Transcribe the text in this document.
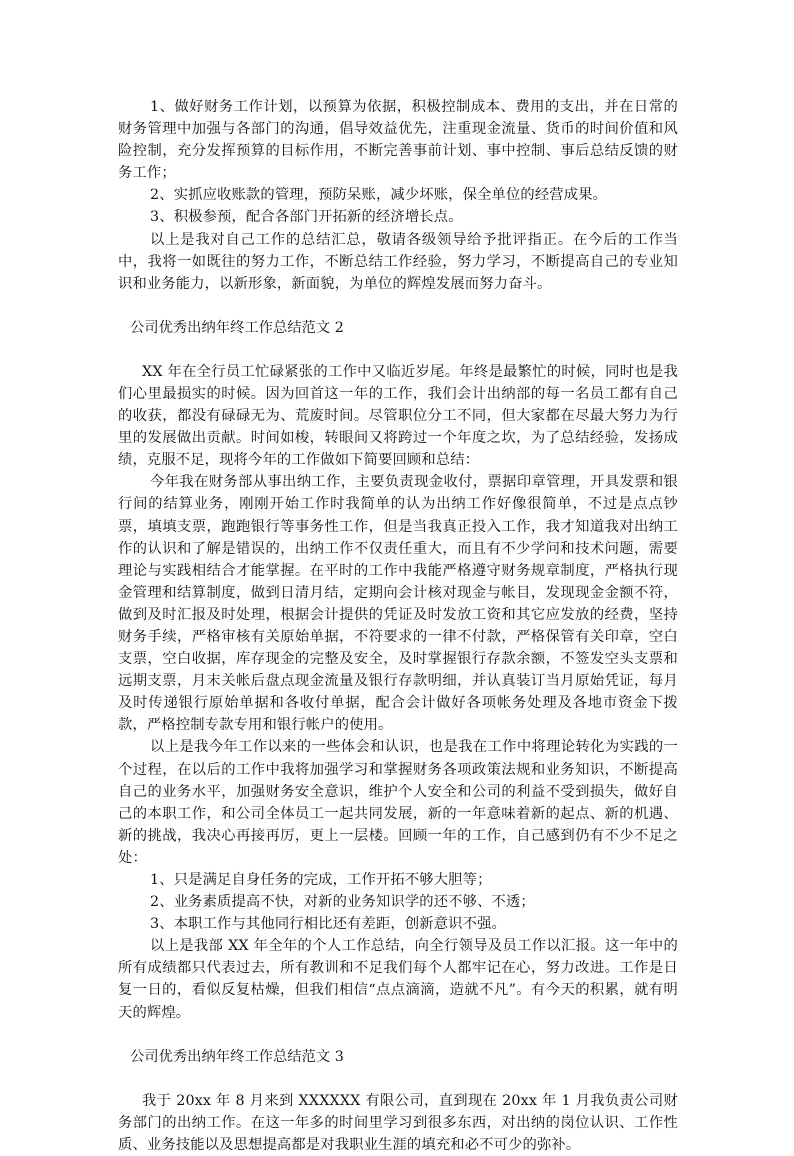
1、做好财务工作计划，以预算为依据，积极控制成本、费用的支出，并在日常的财务管理中加强与各部门的沟通，倡导效益优先，注重现金流量、货币的时间价值和风险控制，充分发挥预算的目标作用，不断完善事前计划、事中控制、事后总结反馈的财务工作；

2、实抓应收账款的管理，预防呆账，减少坏账，保全单位的经营成果。

3、积极参预，配合各部门开拓新的经济增长点。

以上是我对自己工作的总结汇总，敬请各级领导给予批评指正。在今后的工作当中，我将一如既往的努力工作，不断总结工作经验，努力学习，不断提高自己的专业知识和业务能力，以新形象，新面貌，为单位的辉煌发展而努力奋斗。

公司优秀出纳年终工作总结范文 2

XX 年在全行员工忙碌紧张的工作中又临近岁尾。年终是最繁忙的时候，同时也是我们心里最损实的时候。因为回首这一年的工作，我们会计出纳部的每一名员工都有自己的收获，都没有碌碌无为、荒废时间。尽管职位分工不同，但大家都在尽最大努力为行里的发展做出贡献。时间如梭，转眼间又将跨过一个年度之坎，为了总结经验，发扬成绩，克服不足，现将今年的工作做如下简要回顾和总结：

今年我在财务部从事出纳工作，主要负责现金收付，票据印章管理，开具发票和银行间的结算业务，刚刚开始工作时我简单的认为出纳工作好像很简单，不过是点点钞票，填填支票，跑跑银行等事务性工作，但是当我真正投入工作，我才知道我对出纳工作的认识和了解是错误的，出纳工作不仅责任重大，而且有不少学问和技术问题，需要理论与实践相结合才能掌握。在平时的工作中我能严格遵守财务规章制度，严格执行现金管理和结算制度，做到日清月结，定期向会计核对现金与帐目，发现现金金额不符，做到及时汇报及时处理，根据会计提供的凭证及时发放工资和其它应发放的经费，坚持财务手续，严格审核有关原始单据，不符要求的一律不付款，严格保管有关印章，空白支票，空白收据，库存现金的完整及安全，及时掌握银行存款余额，不签发空头支票和远期支票，月末关帐后盘点现金流量及银行存款明细，并认真装订当月原始凭证，每月及时传递银行原始单据和各收付单据，配合会计做好各项帐务处理及各地市资金下拨款，严格控制专款专用和银行帐户的使用。

以上是我今年工作以来的一些体会和认识，也是我在工作中将理论转化为实践的一个过程，在以后的工作中我将加强学习和掌握财务各项政策法规和业务知识，不断提高自己的业务水平，加强财务安全意识，维护个人安全和公司的利益不受到损失，做好自己的本职工作，和公司全体员工一起共同发展，新的一年意味着新的起点、新的机遇、新的挑战，我决心再接再厉，更上一层楼。回顾一年的工作，自己感到仍有不少不足之处：

1、只是满足自身任务的完成，工作开拓不够大胆等；

2、业务素质提高不快，对新的业务知识学的还不够、不透；

3、本职工作与其他同行相比还有差距，创新意识不强。

以上是我部 XX 年全年的个人工作总结，向全行领导及员工作以汇报。这一年中的所有成绩都只代表过去，所有教训和不足我们每个人都牢记在心，努力改进。工作是日复一日的，看似反复枯燥，但我们相信“点点滴滴，造就不凡”。有今天的积累，就有明天的辉煌。

公司优秀出纳年终工作总结范文 3

我于 20xx 年 8 月来到 XXXXXX 有限公司，直到现在 20xx 年 1 月我负责公司财务部门的出纳工作。在这一年多的时间里学习到很多东西，对出纳的岗位认识、工作性质、业务技能以及思想提高都是对我职业生涯的填充和必不可少的弥补。
